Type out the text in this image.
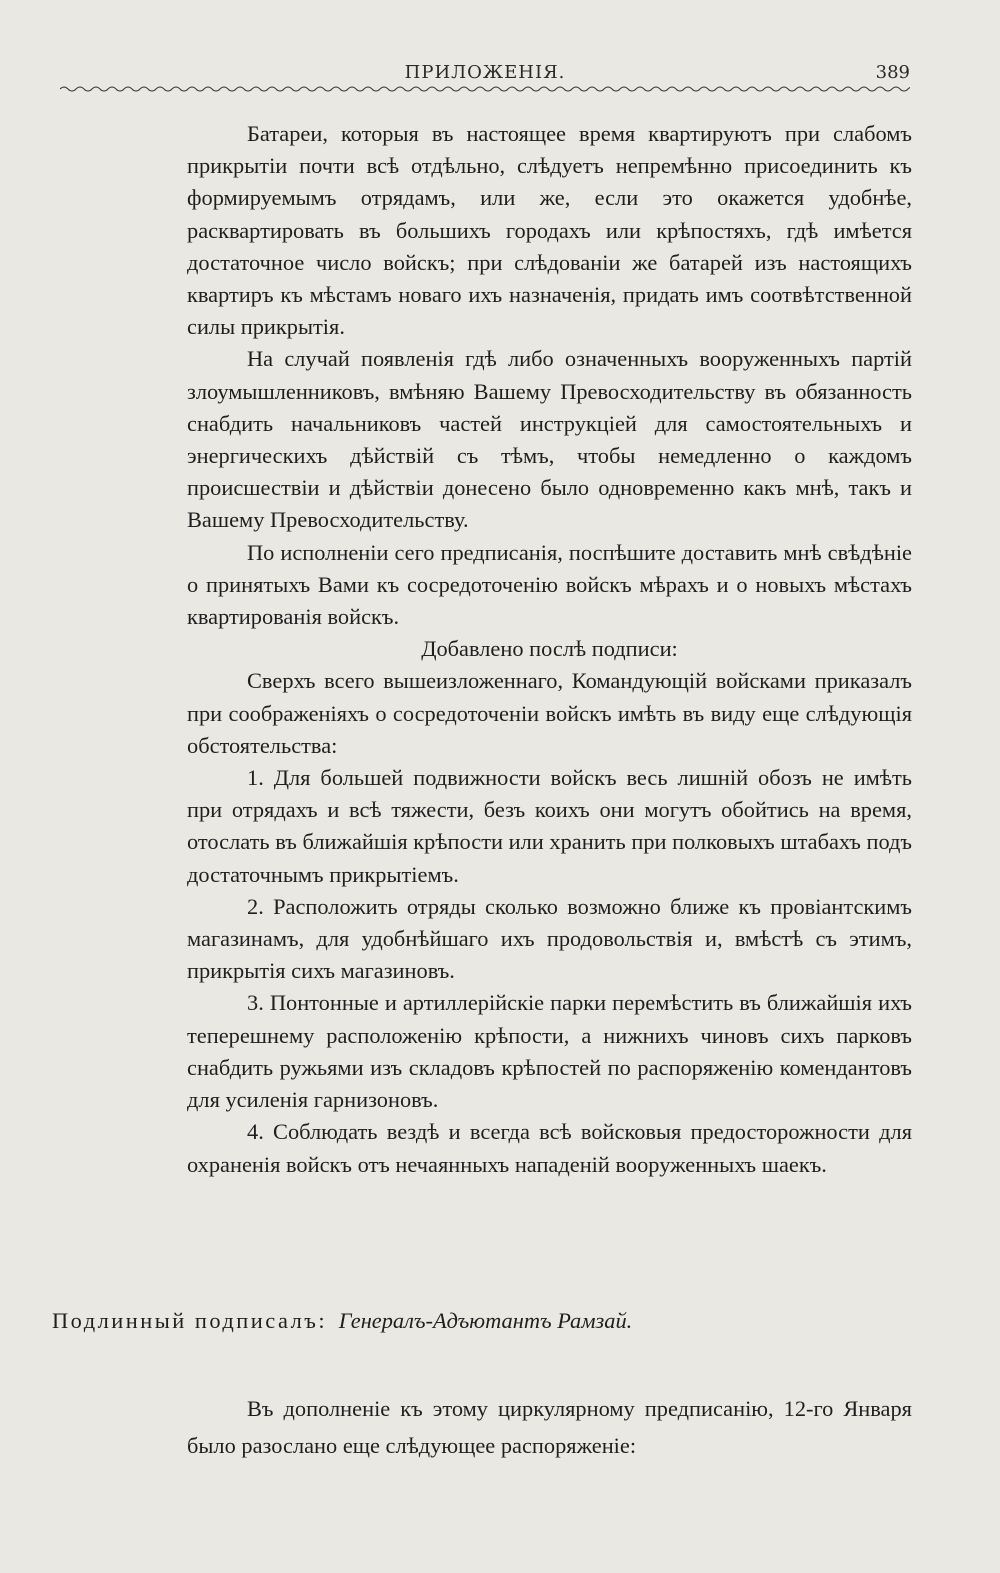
ПРИЛОЖЕНІЯ.	389

Батареи, которыя въ настоящее время квартируютъ при слабомъ прикрытіи почти всѣ отдѣльно, слѣдуетъ непремѣнно присоединить къ формируемымъ отрядамъ, или же, если это окажется удобнѣе, расквартировать въ большихъ городахъ или крѣпостяхъ, гдѣ имѣется достаточное число войскъ; при слѣдованіи же батарей изъ настоящихъ квартиръ къ мѣстамъ новаго ихъ назначенія, придать имъ соотвѣтственной силы прикрытія.

На случай появленія гдѣ либо означенныхъ вооруженныхъ партій злоумышленниковъ, вмѣняю Вашему Превосходительству въ обязанность снабдить начальниковъ частей инструкціей для самостоятельныхъ и энергическихъ дѣйствій съ тѣмъ, чтобы немедленно о каждомъ происшествіи и дѣйствіи донесено было одновременно какъ мнѣ, такъ и Вашему Превосходительству.

По исполненіи сего предписанія, поспѣшите доставить мнѣ свѣдѣніе о принятыхъ Вами къ сосредоточенію войскъ мѣрахъ и о новыхъ мѣстахъ квартированія войскъ.

Добавлено послѣ подписи:

Сверхъ всего вышеизложеннаго, Командующій войсками приказалъ при соображеніяхъ о сосредоточеніи войскъ имѣть въ виду еще слѣдующія обстоятельства:

1. Для большей подвижности войскъ весь лишній обозъ не имѣть при отрядахъ и всѣ тяжести, безъ коихъ они могутъ обойтись на время, отослать въ ближайшія крѣпости или хранить при полковыхъ штабахъ подъ достаточнымъ прикрытіемъ.

2. Расположить отряды сколько возможно ближе къ провіантскимъ магазинамъ, для удобнѣйшаго ихъ продовольствія и, вмѣстѣ съ этимъ, прикрытія сихъ магазиновъ.

3. Понтонные и артиллерійскіе парки перемѣстить въ ближайшія ихъ теперешнему расположенію крѣпости, а нижнихъ чиновъ сихъ парковъ снабдить ружьями изъ складовъ крѣпостей по распоряженію комендантовъ для усиленія гарнизоновъ.

4. Соблюдать вездѣ и всегда всѣ войсковыя предосторожности для охраненія войскъ отъ нечаянныхъ нападеній вооруженныхъ шаекъ.

Подлинный подписалъ: Генералъ-Адъютантъ Рамзай.

Въ дополненіе къ этому циркулярному предписанію, 12-го Января было разослано еще слѣдующее распоряженіе:
